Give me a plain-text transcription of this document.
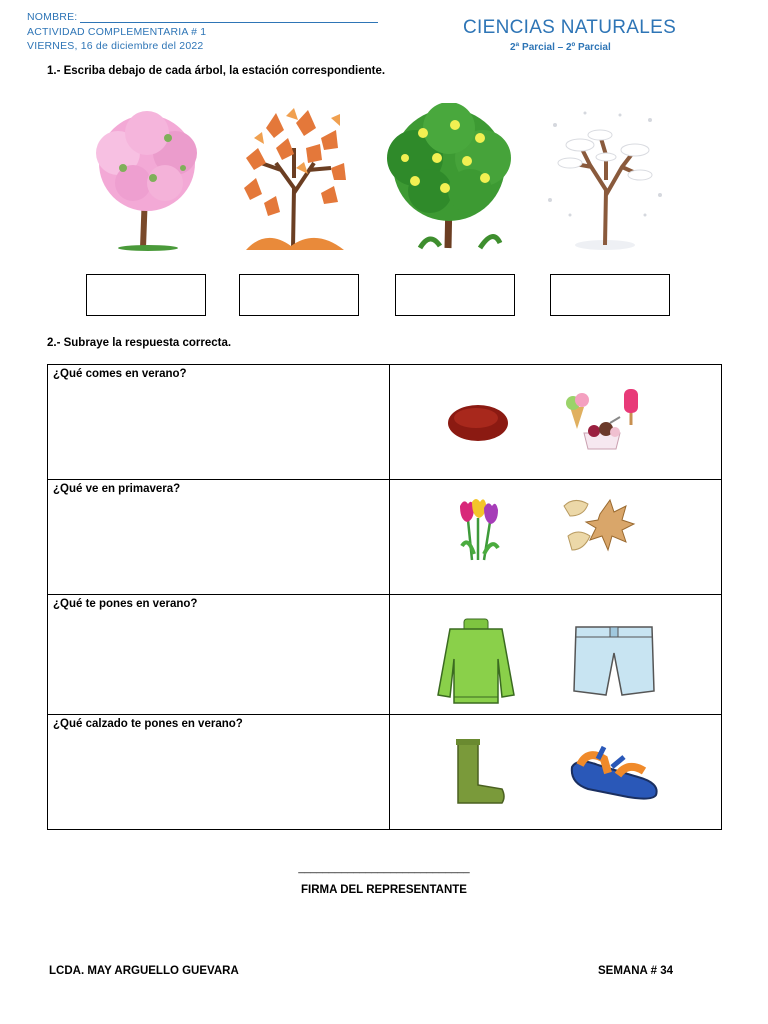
NOMBRE:
ACTIVIDAD COMPLEMENTARIA # 1
VIERNES, 16 de diciembre del 2022
CIENCIAS NATURALES
2ª Parcial – 2º Parcial
1.- Escriba debajo de cada árbol, la estación correspondiente.
2.- Subraye la respuesta correcta.
¿Qué comes en verano?	

¿Qué ve en primavera?	

¿Qué te pones en verano?	

¿Qué calzado te pones en verano?	
____________________________
FIRMA DEL REPRESENTANTE
LCDA. MAY ARGUELLO GUEVARA	SEMANA # 34
